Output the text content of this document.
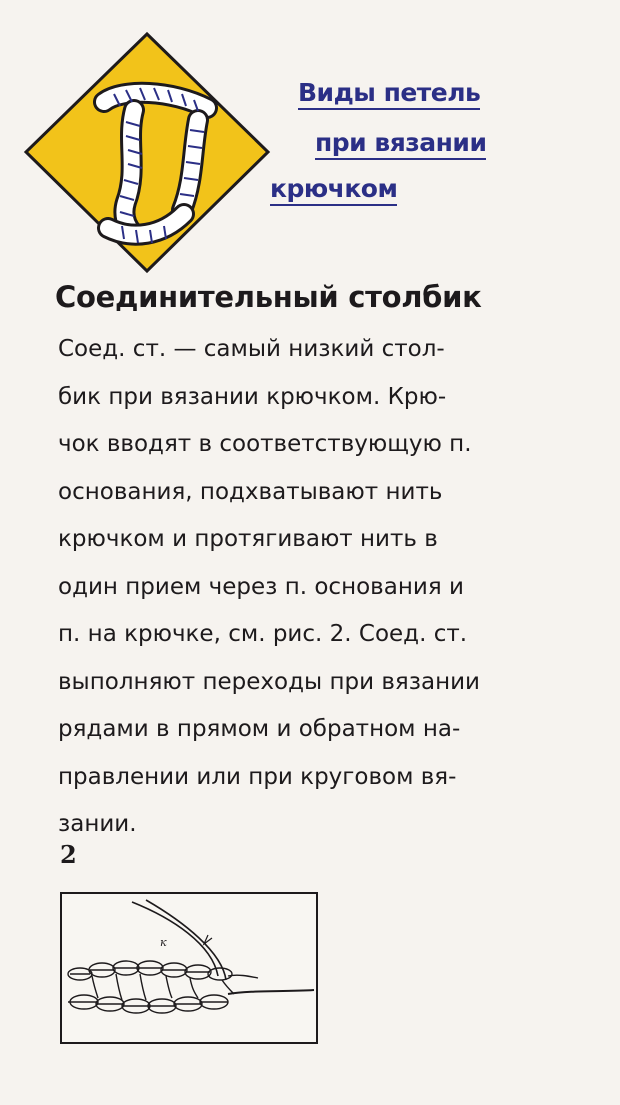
Виды петель
при вязании
крючком
Соединительный столбик
Соед. ст. — самый низкий стол-
бик при вязании крючком. Крю-
чок вводят в соответствующую п.
основания, подхватывают нить
крючком и протягивают нить в
один прием через п. основания и
п. на крючке, см. рис. 2. Соед. ст.
выполняют переходы при вязании
рядами в прямом и обратном на-
правлении или при круговом вя-
зании.
2
к
